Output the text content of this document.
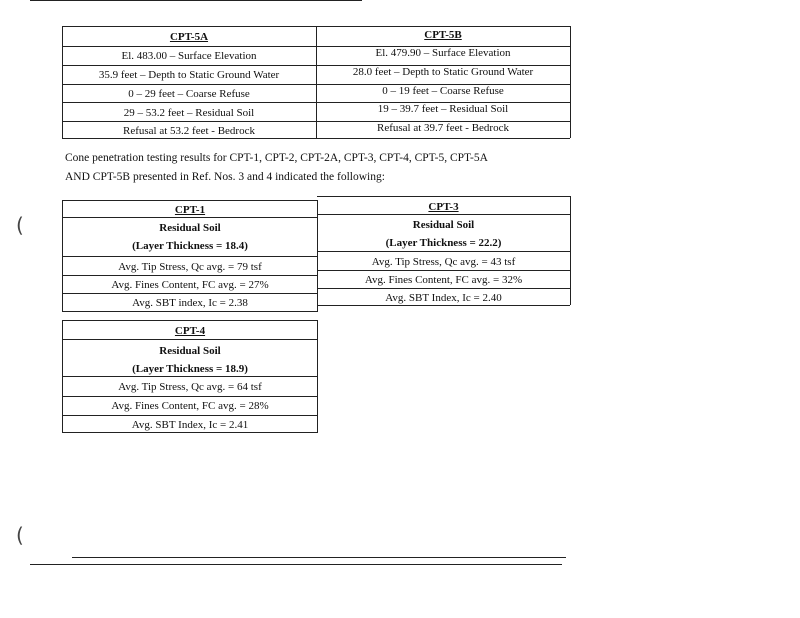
CPT-5A
El. 483.00 – Surface Elevation
35.9 feet – Depth to Static Ground Water
0 – 29 feet – Coarse Refuse
29 – 53.2 feet – Residual Soil
Refusal at 53.2 feet - Bedrock
CPT-5B
El. 479.90 – Surface Elevation
28.0 feet – Depth to Static Ground Water
0 – 19 feet – Coarse Refuse
19 – 39.7 feet – Residual Soil
Refusal at 39.7 feet - Bedrock
Cone penetration testing results for CPT-1, CPT-2, CPT-2A, CPT-3, CPT-4, CPT-5, CPT-5A
AND CPT-5B presented in Ref. Nos. 3 and 4 indicated the following:
CPT-1
Residual Soil
(Layer Thickness = 18.4)
Avg. Tip Stress, Qc avg. = 79 tsf
Avg. Fines Content, FC avg. = 27%
Avg. SBT index, Ic = 2.38
CPT-3
Residual Soil
(Layer Thickness = 22.2)
Avg. Tip Stress, Qc avg. = 43 tsf
Avg. Fines Content, FC avg. = 32%
Avg. SBT Index, Ic = 2.40
CPT-4
Residual Soil
(Layer Thickness = 18.9)
Avg. Tip Stress, Qc avg. = 64 tsf
Avg. Fines Content, FC avg. = 28%
Avg. SBT Index, Ic = 2.41
(
(
